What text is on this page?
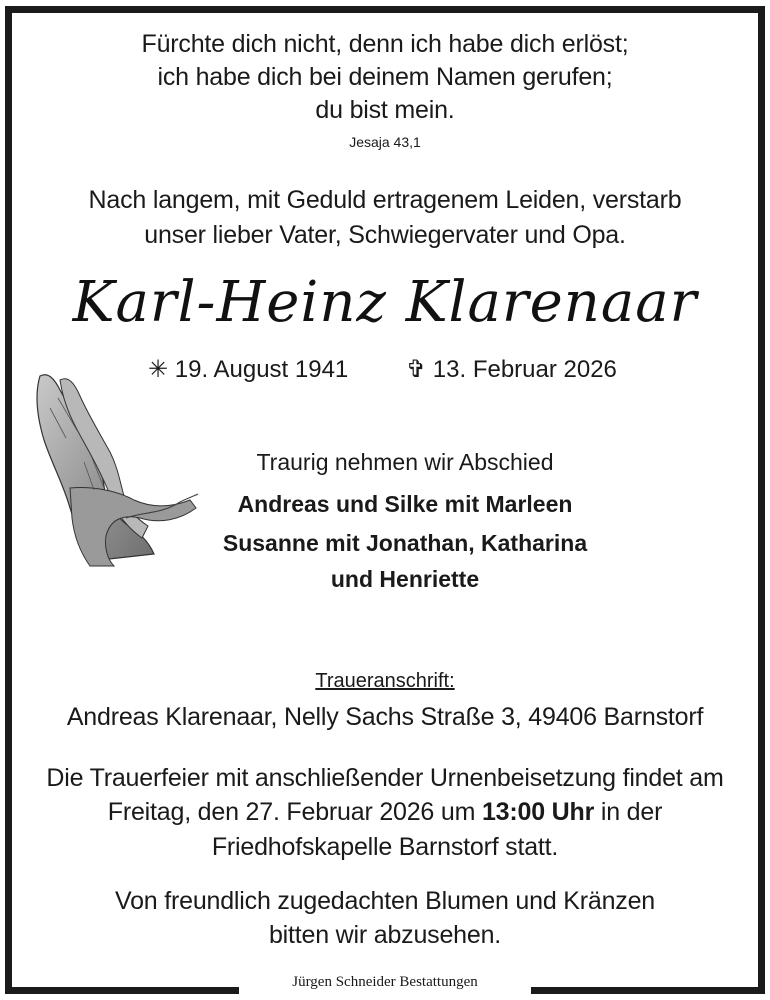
Fürchte dich nicht, denn ich habe dich erlöst;
ich habe dich bei deinem Namen gerufen;
du bist mein.
Jesaja 43,1
Nach langem, mit Geduld ertragenem Leiden, verstarb
unser lieber Vater, Schwiegervater und Opa.
Karl-Heinz Klarenaar
✳ 19. August 1941 ✞ 13. Februar 2026
Traurig nehmen wir Abschied
Andreas und Silke mit Marleen
Susanne mit Jonathan, Katharina
und Henriette
Traueranschrift:
Andreas Klarenaar, Nelly Sachs Straße 3, 49406 Barnstorf
Die Trauerfeier mit anschließender Urnenbeisetzung findet am
Freitag, den 27. Februar 2026 um 13:00 Uhr in der
Friedhofskapelle Barnstorf statt.
Von freundlich zugedachten Blumen und Kränzen
bitten wir abzusehen.
Jürgen Schneider Bestattungen
